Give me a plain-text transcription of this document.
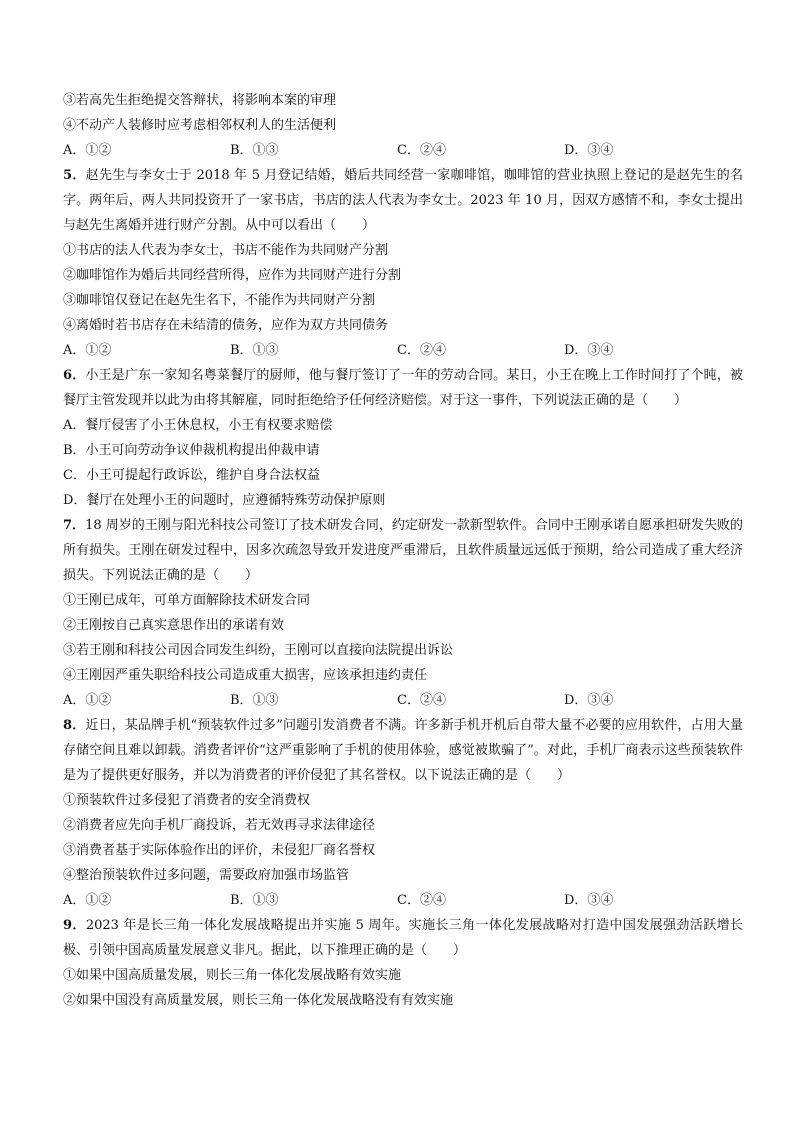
③若高先生拒绝提交答辩状，将影响本案的审理
④不动产人装修时应考虑相邻权利人的生活便利
A．①②	B．①③	C．②④	D．③④
5．赵先生与李女士于 2018 年 5 月登记结婚，婚后共同经营一家咖啡馆，咖啡馆的营业执照上登记的是赵先生的名字。两年后，两人共同投资开了一家书店，书店的法人代表为李女士。2023 年 10 月，因双方感情不和，李女士提出与赵先生离婚并进行财产分割。从中可以看出（　　）
①书店的法人代表为李女士，书店不能作为共同财产分割
②咖啡馆作为婚后共同经营所得，应作为共同财产进行分割
③咖啡馆仅登记在赵先生名下，不能作为共同财产分割
④离婚时若书店存在未结清的债务，应作为双方共同债务
A．①②	B．①③	C．②④	D．③④
6．小王是广东一家知名粤菜餐厅的厨师，他与餐厅签订了一年的劳动合同。某日，小王在晚上工作时间打了个盹，被餐厅主管发现并以此为由将其解雇，同时拒绝给予任何经济赔偿。对于这一事件，下列说法正确的是（　　）
A．餐厅侵害了小王休息权，小王有权要求赔偿
B．小王可向劳动争议仲裁机构提出仲裁申请
C．小王可提起行政诉讼，维护自身合法权益
D．餐厅在处理小王的问题时，应遵循特殊劳动保护原则
7．18 周岁的王刚与阳光科技公司签订了技术研发合同，约定研发一款新型软件。合同中王刚承诺自愿承担研发失败的所有损失。王刚在研发过程中，因多次疏忽导致开发进度严重滞后，且软件质量远远低于预期，给公司造成了重大经济损失。下列说法正确的是（　　）
①王刚已成年，可单方面解除技术研发合同
②王刚按自己真实意思作出的承诺有效
③若王刚和科技公司因合同发生纠纷，王刚可以直接向法院提出诉讼
④王刚因严重失职给科技公司造成重大损害，应该承担违约责任
A．①②	B．①③	C．②④	D．③④
8．近日，某品牌手机“预装软件过多”问题引发消费者不满。许多新手机开机后自带大量不必要的应用软件，占用大量存储空间且难以卸载。消费者评价“这严重影响了手机的使用体验，感觉被欺骗了”。对此，手机厂商表示这些预装软件是为了提供更好服务，并以为消费者的评价侵犯了其名誉权。以下说法正确的是（　　）
①预装软件过多侵犯了消费者的安全消费权
②消费者应先向手机厂商投诉，若无效再寻求法律途径
③消费者基于实际体验作出的评价，未侵犯厂商名誉权
④整治预装软件过多问题，需要政府加强市场监管
A．①②	B．①③	C．②④	D．③④
9．2023 年是长三角一体化发展战略提出并实施 5 周年。实施长三角一体化发展战略对打造中国发展强劲活跃增长极、引领中国高质量发展意义非凡。据此，以下推理正确的是（　　）
①如果中国高质量发展，则长三角一体化发展战略有效实施
②如果中国没有高质量发展，则长三角一体化发展战略没有有效实施
